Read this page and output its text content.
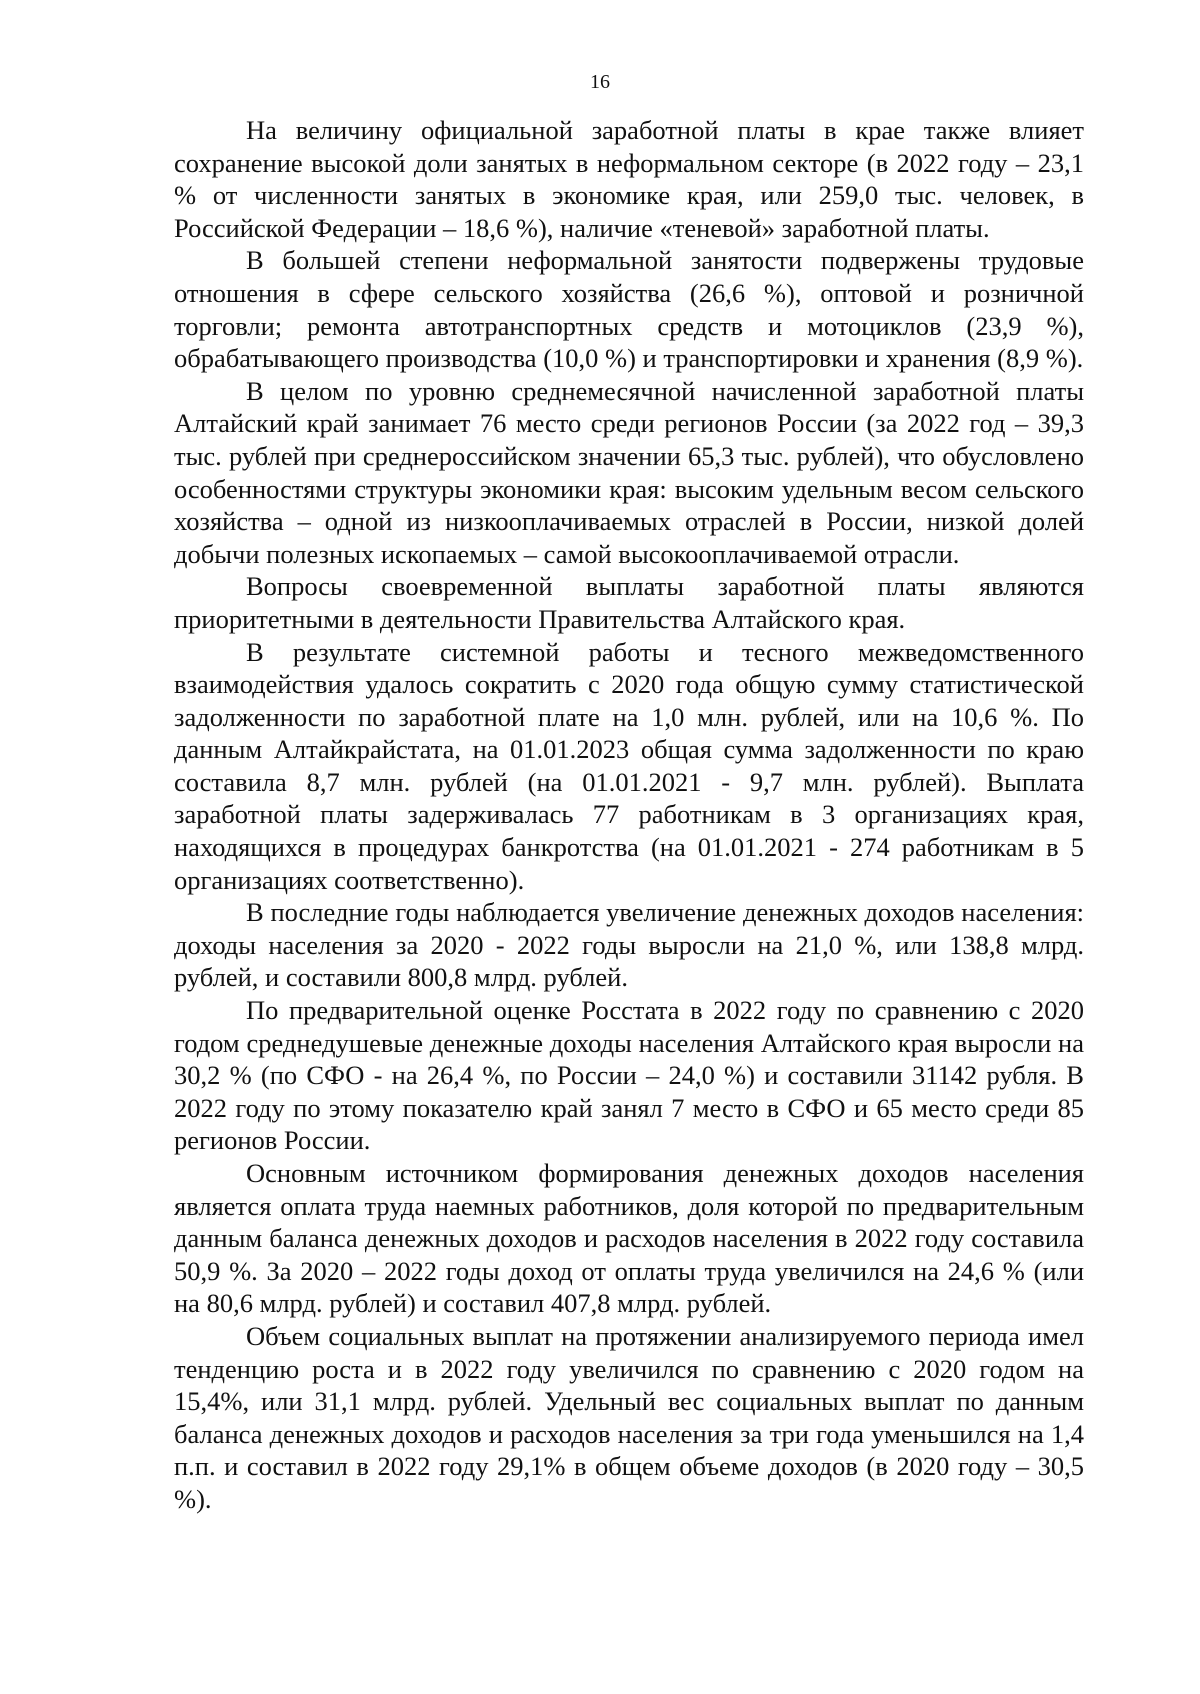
16

На величину официальной заработной платы в крае также влияет сохранение высокой доли занятых в неформальном секторе (в 2022 году – 23,1 % от численности занятых в экономике края, или 259,0 тыс. человек, в Российской Федерации – 18,6 %), наличие «теневой» заработной платы.

В большей степени неформальной занятости подвержены трудовые отношения в сфере сельского хозяйства (26,6 %), оптовой и розничной торговли; ремонта автотранспортных средств и мотоциклов (23,9 %), обрабатывающего производства (10,0 %) и транспортировки и хранения (8,9 %).

В целом по уровню среднемесячной начисленной заработной платы Алтайский край занимает 76 место среди регионов России (за 2022 год – 39,3 тыс. рублей при среднероссийском значении 65,3 тыс. рублей), что обусловлено особенностями структуры экономики края: высоким удельным весом сельского хозяйства – одной из низкооплачиваемых отраслей в России, низкой долей добычи полезных ископаемых – самой высокооплачиваемой отрасли.

Вопросы своевременной выплаты заработной платы являются приоритетными в деятельности Правительства Алтайского края.

В результате системной работы и тесного межведомственного взаимодействия удалось сократить с 2020 года общую сумму статистической задолженности по заработной плате на 1,0 млн. рублей, или на 10,6 %. По данным Алтайкрайстата, на 01.01.2023 общая сумма задолженности по краю составила 8,7 млн. рублей (на 01.01.2021 - 9,7 млн. рублей). Выплата заработной платы задерживалась 77 работникам в 3 организациях края, находящихся в процедурах банкротства (на 01.01.2021 - 274 работникам в 5 организациях соответственно).

В последние годы наблюдается увеличение денежных доходов населения: доходы населения за 2020 - 2022 годы выросли на 21,0 %, или 138,8 млрд. рублей, и составили 800,8 млрд. рублей.

По предварительной оценке Росстата в 2022 году по сравнению с 2020 годом среднедушевые денежные доходы населения Алтайского края выросли на 30,2 % (по СФО - на 26,4 %, по России – 24,0 %) и составили 31142 рубля. В 2022 году по этому показателю край занял 7 место в СФО и 65 место среди 85 регионов России.

Основным источником формирования денежных доходов населения является оплата труда наемных работников, доля которой по предварительным данным баланса денежных доходов и расходов населения в 2022 году составила 50,9 %. За 2020 – 2022 годы доход от оплаты труда увеличился на 24,6 % (или на 80,6 млрд. рублей) и составил 407,8 млрд. рублей.

Объем социальных выплат на протяжении анализируемого периода имел тенденцию роста и в 2022 году увеличился по сравнению с 2020 годом на 15,4%, или 31,1 млрд. рублей. Удельный вес социальных выплат по данным баланса денежных доходов и расходов населения за три года уменьшился на 1,4 п.п. и составил в 2022 году 29,1% в общем объеме доходов (в 2020 году – 30,5 %).
